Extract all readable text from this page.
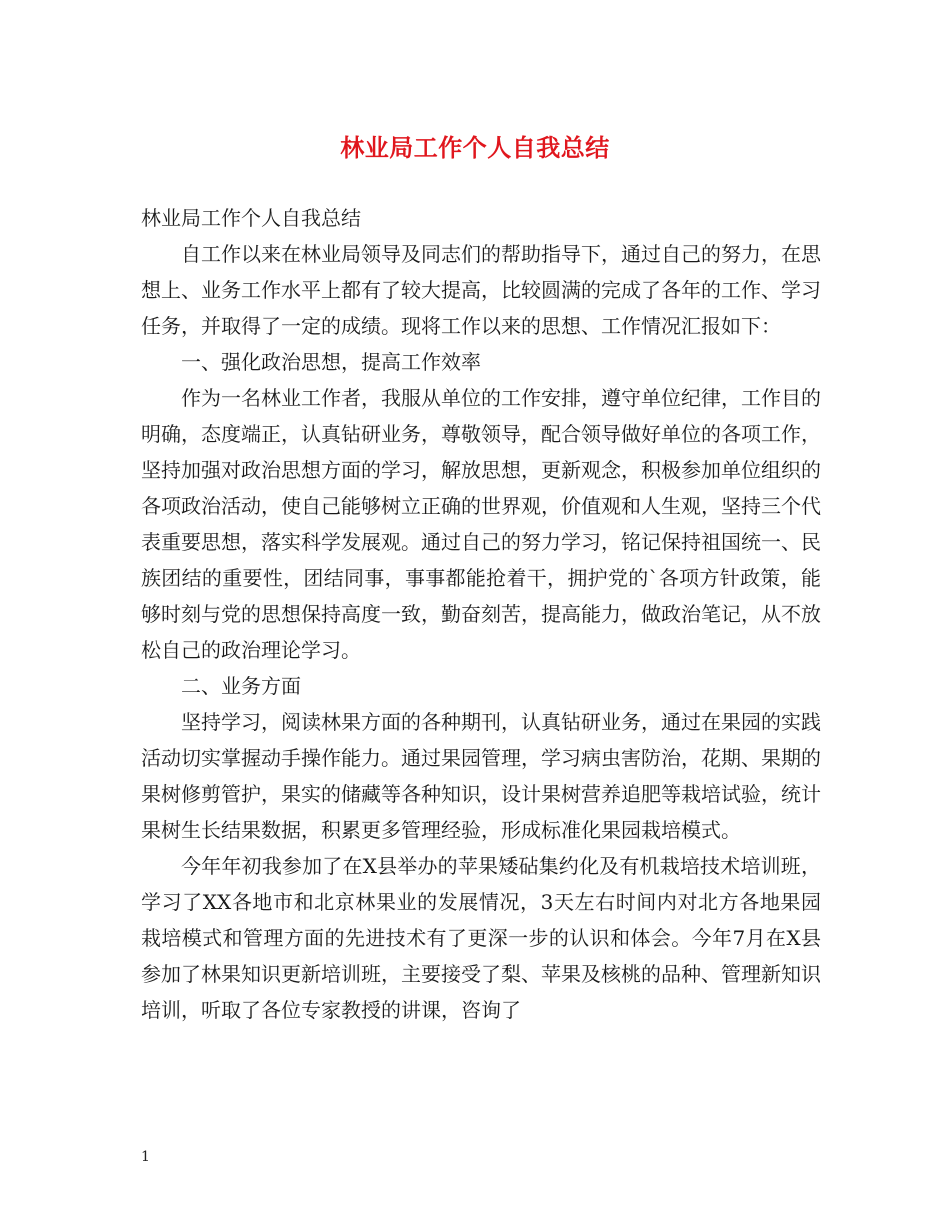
林业局工作个人自我总结

林业局工作个人自我总结

自工作以来在林业局领导及同志们的帮助指导下，通过自己的努力，在思想上、业务工作水平上都有了较大提高，比较圆满的完成了各年的工作、学习任务，并取得了一定的成绩。现将工作以来的思想、工作情况汇报如下：

一、强化政治思想，提高工作效率

作为一名林业工作者，我服从单位的工作安排，遵守单位纪律，工作目的明确，态度端正，认真钻研业务，尊敬领导，配合领导做好单位的各项工作，坚持加强对政治思想方面的学习，解放思想，更新观念，积极参加单位组织的各项政治活动，使自己能够树立正确的世界观，价值观和人生观，坚持三个代表重要思想，落实科学发展观。通过自己的努力学习，铭记保持祖国统一、民族团结的重要性，团结同事，事事都能抢着干，拥护党的`各项方针政策，能够时刻与党的思想保持高度一致，勤奋刻苦，提高能力，做政治笔记，从不放松自己的政治理论学习。

二、业务方面

坚持学习，阅读林果方面的各种期刊，认真钻研业务，通过在果园的实践活动切实掌握动手操作能力。通过果园管理，学习病虫害防治，花期、果期的果树修剪管护，果实的储藏等各种知识，设计果树营养追肥等栽培试验，统计果树生长结果数据，积累更多管理经验，形成标准化果园栽培模式。

今年年初我参加了在X县举办的苹果矮砧集约化及有机栽培技术培训班，学习了XX各地市和北京林果业的发展情况，3天左右时间内对北方各地果园栽培模式和管理方面的先进技术有了更深一步的认识和体会。今年7月在X县参加了林果知识更新培训班，主要接受了梨、苹果及核桃的品种、管理新知识培训，听取了各位专家教授的讲课，咨询了

1
